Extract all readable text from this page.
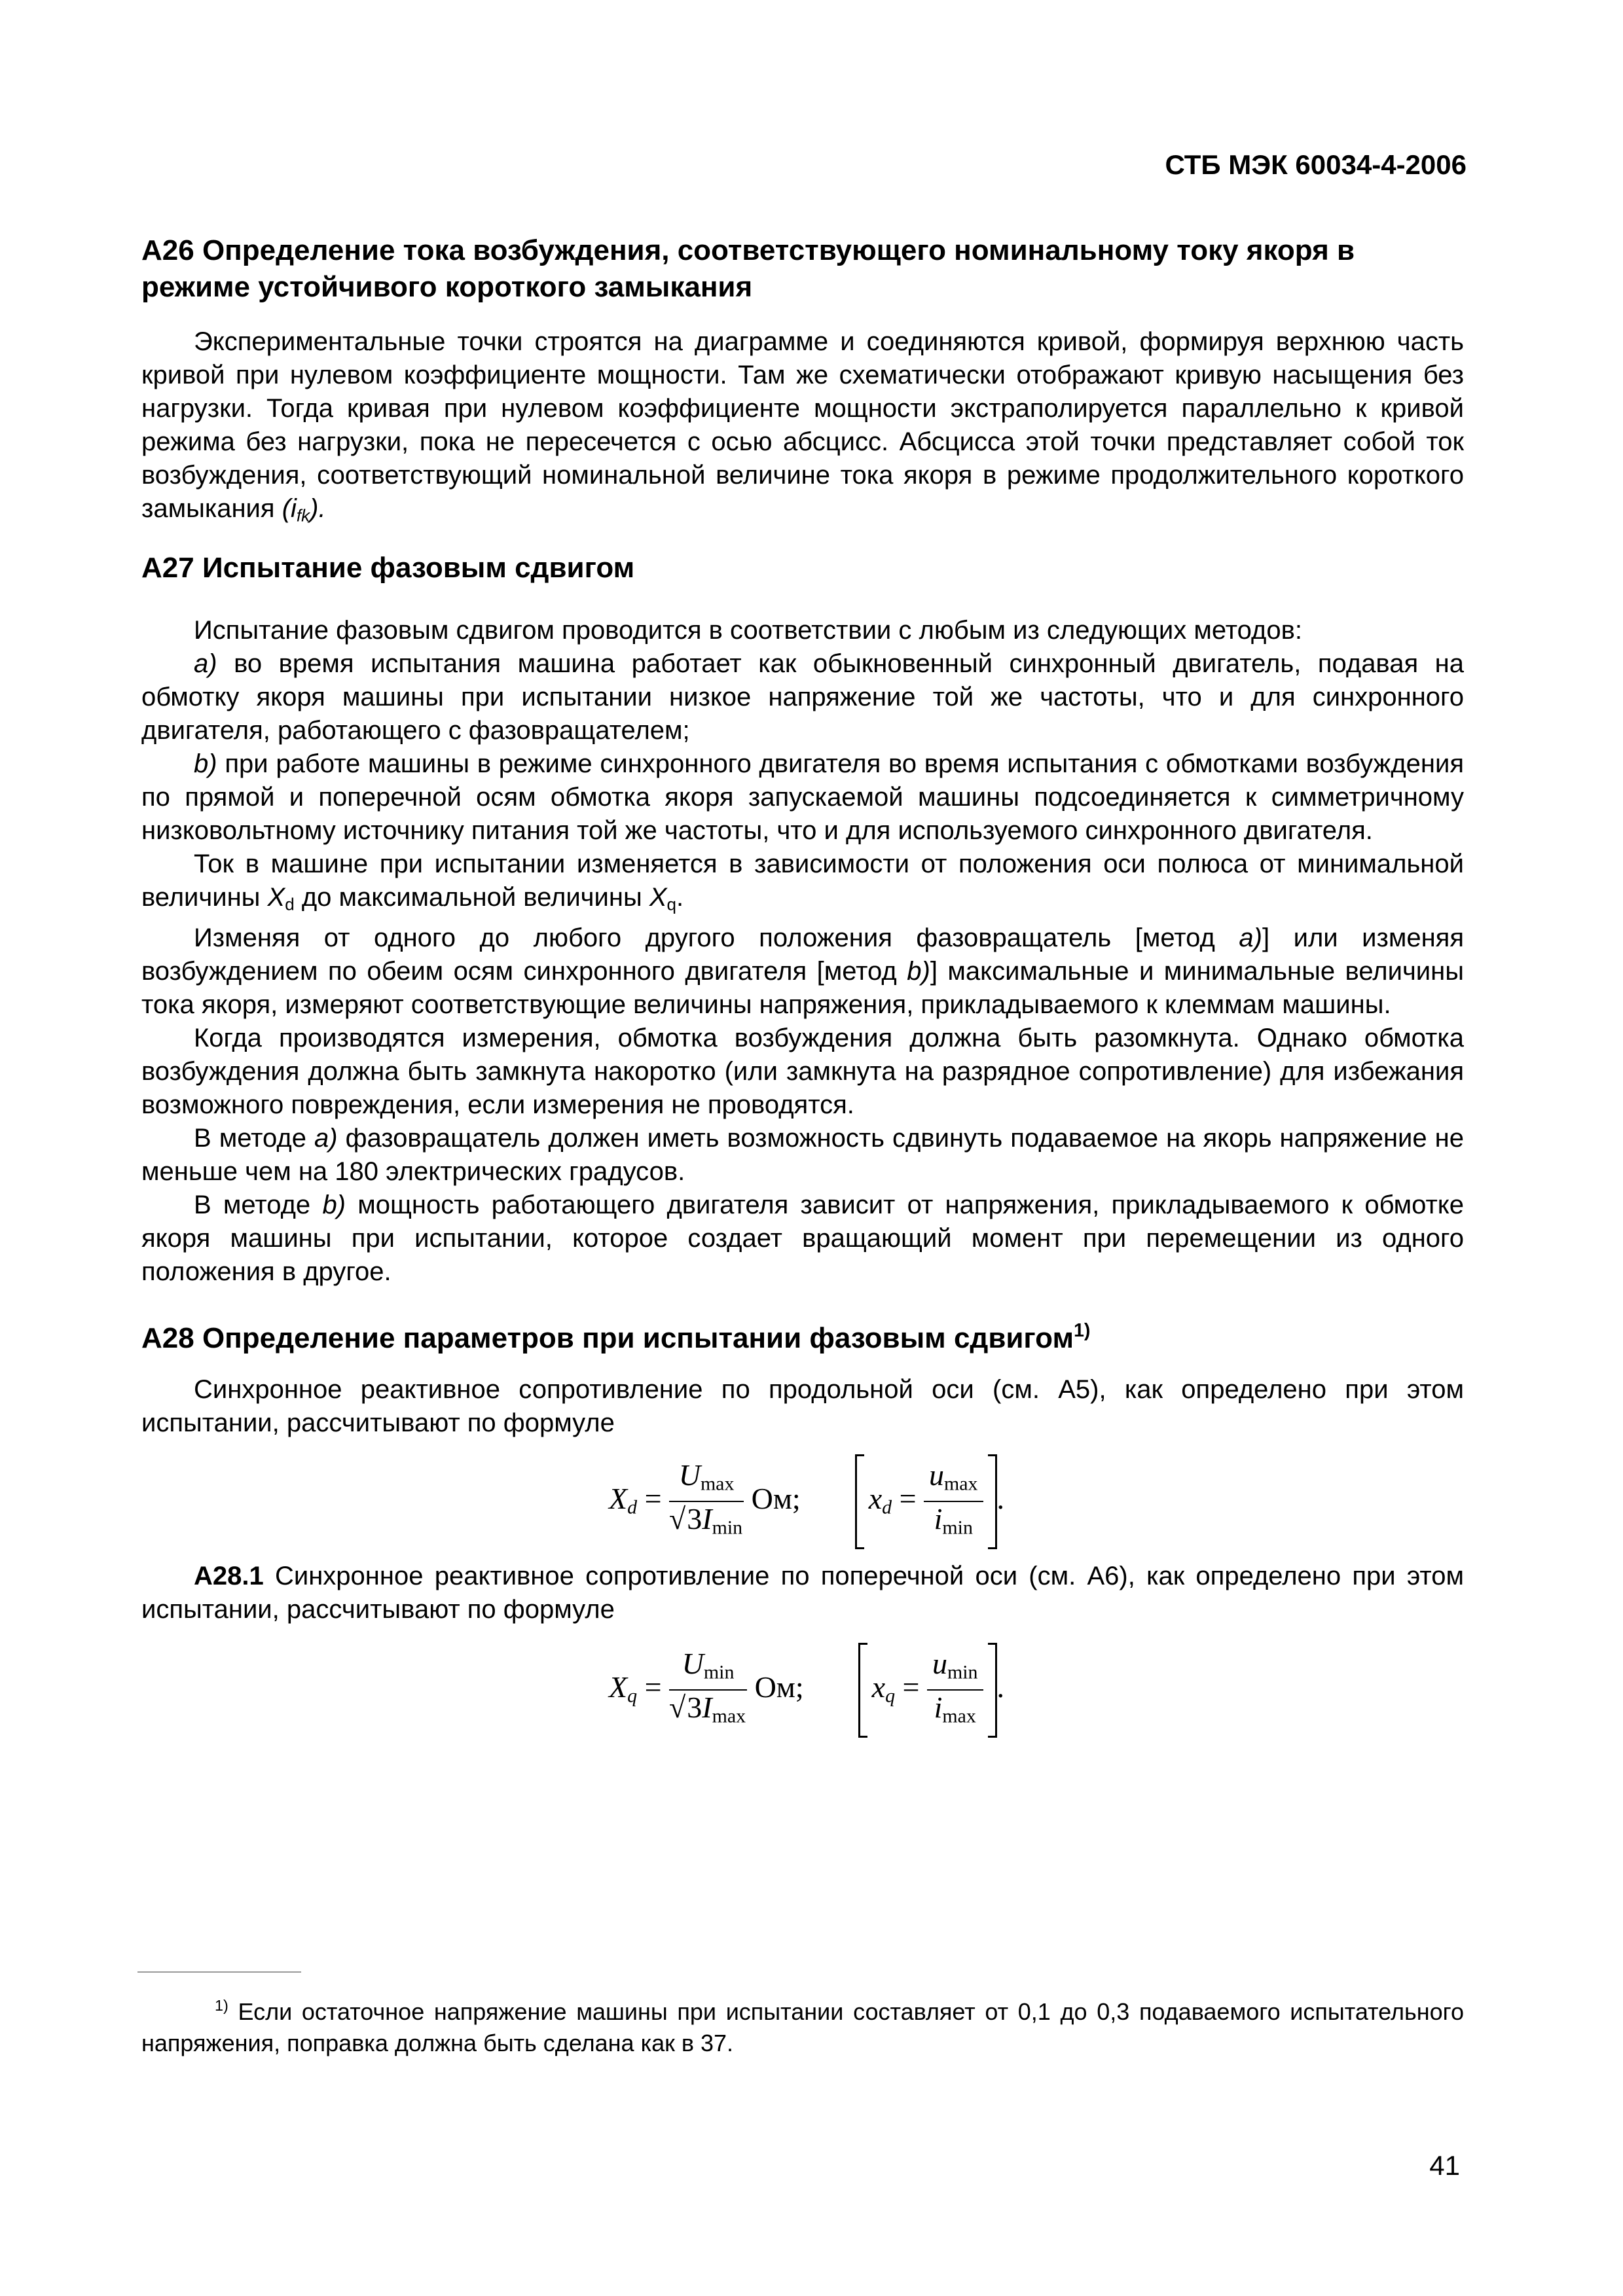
СТБ МЭК 60034-4-2006
А26 Определение тока возбуждения, соответствующего номинальному току якоря в режиме устойчивого короткого замыкания
Экспериментальные точки строятся на диаграмме и соединяются кривой, формируя верхнюю часть кривой при нулевом коэффициенте мощности. Там же схематически отображают кривую насыщения без нагрузки. Тогда кривая при нулевом коэффициенте мощности экстраполируется параллельно к кривой режима без нагрузки, пока не пересечется с осью абсцисс. Абсцисса этой точки представляет собой ток возбуждения, соответствующий номинальной величине тока якоря в режиме продолжительного короткого замыкания $(i_{fk})$.
А27 Испытание фазовым сдвигом
Испытание фазовым сдвигом проводится в соответствии с любым из следующих методов:
а) во время испытания машина работает как обыкновенный синхронный двигатель, подавая на обмотку якоря машины при испытании низкое напряжение той же частоты, что и для синхронного двигателя, работающего с фазовращателем;
b) при работе машины в режиме синхронного двигателя во время испытания с обмотками возбуждения по прямой и поперечной осям обмотка якоря запускаемой машины подсоединяется к симметричному низковольтному источнику питания той же частоты, что и для используемого синхронного двигателя.
Ток в машине при испытании изменяется в зависимости от положения оси полюса от минимальной величины $X_d$ до максимальной величины $X_q$.
Изменяя от одного до любого другого положения фазовращатель [метод а)] или изменяя возбуждением по обеим осям синхронного двигателя [метод b)] максимальные и минимальные величины тока якоря, измеряют соответствующие величины напряжения, прикладываемого к клеммам машины.
Когда производятся измерения, обмотка возбуждения должна быть разомкнута. Однако обмотка возбуждения должна быть замкнута накоротко (или замкнута на разрядное сопротивление) для избежания возможного повреждения, если измерения не проводятся.
В методе а) фазовращатель должен иметь возможность сдвинуть подаваемое на якорь напряжение не меньше чем на 180 электрических градусов.
В методе b) мощность работающего двигателя зависит от напряжения, прикладываемого к обмотке якоря машины при испытании, которое создает вращающий момент при перемещении из одного положения в другое.
А28 Определение параметров при испытании фазовым сдвигом$^{1)}$
Синхронное реактивное сопротивление по продольной оси (см. А5), как определено при этом испытании, рассчитывают по формуле
$X_d = \frac{U_{max}}{√3I_{min}}$ Ом; $x_d = \frac{u_{max}}{i_{min}}$ .
А28.1 Синхронное реактивное сопротивление по поперечной оси (см. А6), как определено при этом испытании, рассчитывают по формуле
$X_q = \frac{U_{min}}{√3I_{max}}$ Ом; $x_q = \frac{u_{min}}{i_{max}}$ .
$^{1)}$ Если остаточное напряжение машины при испытании составляет от 0,1 до 0,3 подаваемого испытательного напряжения, поправка должна быть сделана как в 37.
41
